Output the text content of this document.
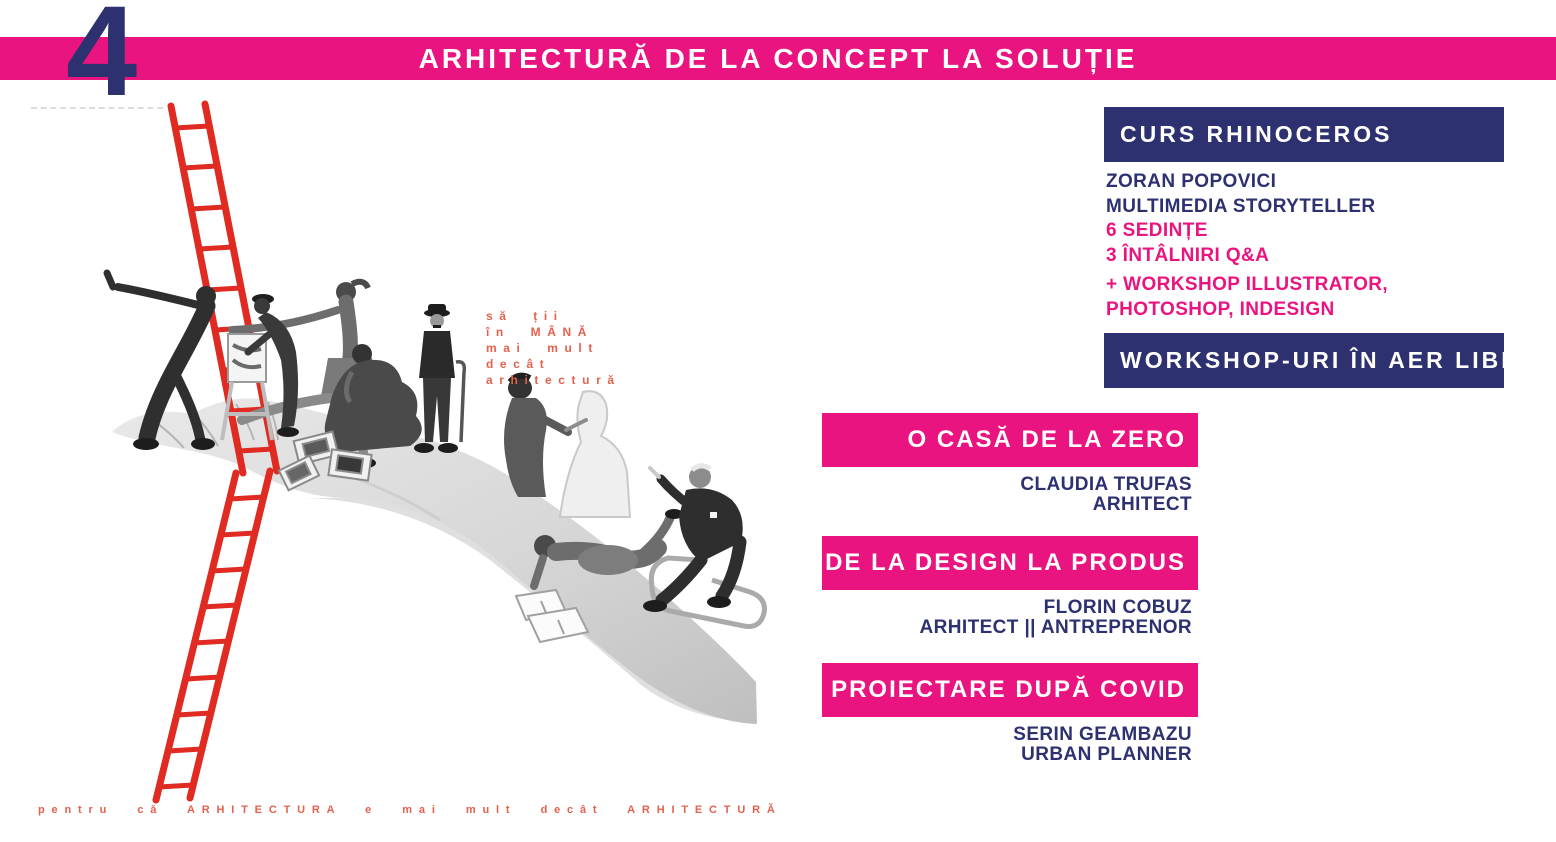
ARHITECTURĂ DE LA CONCEPT LA SOLUȚIE
4
să ții
în MÂNĂ
mai mult
decât
arhitectură
pentru că ARHITECTURA e mai mult decât ARHITECTURĂ
CURS RHINOCEROS
ZORAN POPOVICI
MULTIMEDIA STORYTELLER
6 SEDINȚE
3 ÎNTÂLNIRI Q&A
+ WORKSHOP ILLUSTRATOR,
PHOTOSHOP, INDESIGN
WORKSHOP-URI ÎN AER LIBER
O CASĂ DE LA ZERO
CLAUDIA TRUFAS
ARHITECT
DE LA DESIGN LA PRODUS
FLORIN COBUZ
ARHITECT || ANTREPRENOR
PROIECTARE DUPĂ COVID
SERIN GEAMBAZU
URBAN PLANNER
